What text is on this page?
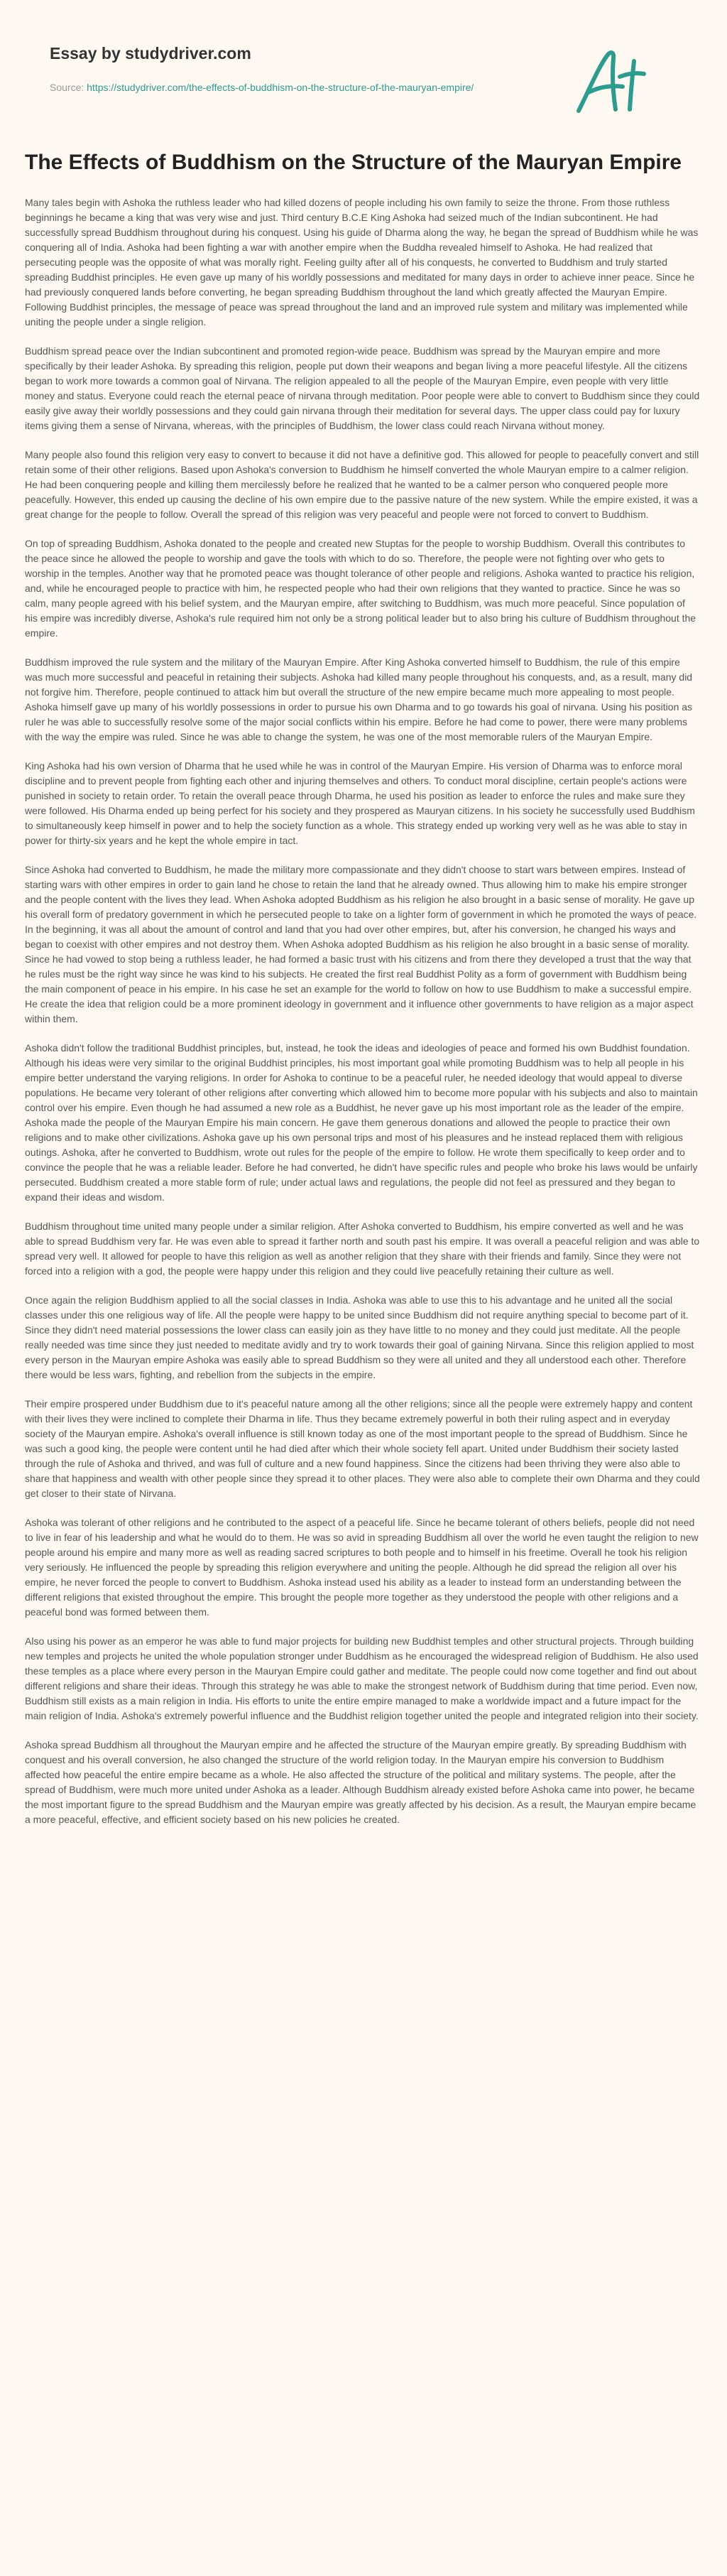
Essay by studydriver.com
Source: https://studydriver.com/the-effects-of-buddhism-on-the-structure-of-the-mauryan-empire/
The Effects of Buddhism on the Structure of the Mauryan Empire

Many tales begin with Ashoka the ruthless leader who had killed dozens of people including his own family to seize the throne. From those ruthless beginnings he became a king that was very wise and just. Third century B.C.E King Ashoka had seized much of the Indian subcontinent. He had successfully spread Buddhism throughout during his conquest. Using his guide of Dharma along the way, he began the spread of Buddhism while he was conquering all of India. Ashoka had been fighting a war with another empire when the Buddha revealed himself to Ashoka. He had realized that persecuting people was the opposite of what was morally right. Feeling guilty after all of his conquests, he converted to Buddhism and truly started spreading Buddhist principles. He even gave up many of his worldly possessions and meditated for many days in order to achieve inner peace. Since he had previously conquered lands before converting, he began spreading Buddhism throughout the land which greatly affected the Mauryan Empire. Following Buddhist principles, the message of peace was spread throughout the land and an improved rule system and military was implemented while uniting the people under a single religion.

Buddhism spread peace over the Indian subcontinent and promoted region-wide peace. Buddhism was spread by the Mauryan empire and more specifically by their leader Ashoka. By spreading this religion, people put down their weapons and began living a more peaceful lifestyle. All the citizens began to work more towards a common goal of Nirvana. The religion appealed to all the people of the Mauryan Empire, even people with very little money and status. Everyone could reach the eternal peace of nirvana through meditation. Poor people were able to convert to Buddhism since they could easily give away their worldly possessions and they could gain nirvana through their meditation for several days. The upper class could pay for luxury items giving them a sense of Nirvana, whereas, with the principles of Buddhism, the lower class could reach Nirvana without money.

Many people also found this religion very easy to convert to because it did not have a definitive god. This allowed for people to peacefully convert and still retain some of their other religions. Based upon Ashoka's conversion to Buddhism he himself converted the whole Mauryan empire to a calmer religion. He had been conquering people and killing them mercilessly before he realized that he wanted to be a calmer person who conquered people more peacefully. However, this ended up causing the decline of his own empire due to the passive nature of the new system. While the empire existed, it was a great change for the people to follow. Overall the spread of this religion was very peaceful and people were not forced to convert to Buddhism.

On top of spreading Buddhism, Ashoka donated to the people and created new Stuptas for the people to worship Buddhism. Overall this contributes to the peace since he allowed the people to worship and gave the tools with which to do so. Therefore, the people were not fighting over who gets to worship in the temples. Another way that he promoted peace was thought tolerance of other people and religions. Ashoka wanted to practice his religion, and, while he encouraged people to practice with him, he respected people who had their own religions that they wanted to practice. Since he was so calm, many people agreed with his belief system, and the Mauryan empire, after switching to Buddhism, was much more peaceful. Since population of his empire was incredibly diverse, Ashoka's rule required him not only be a strong political leader but to also bring his culture of Buddhism throughout the empire.

Buddhism improved the rule system and the military of the Mauryan Empire. After King Ashoka converted himself to Buddhism, the rule of this empire was much more successful and peaceful in retaining their subjects. Ashoka had killed many people throughout his conquests, and, as a result, many did not forgive him. Therefore, people continued to attack him but overall the structure of the new empire became much more appealing to most people. Ashoka himself gave up many of his worldly possessions in order to pursue his own Dharma and to go towards his goal of nirvana. Using his position as ruler he was able to successfully resolve some of the major social conflicts within his empire. Before he had come to power, there were many problems with the way the empire was ruled. Since he was able to change the system, he was one of the most memorable rulers of the Mauryan Empire.

King Ashoka had his own version of Dharma that he used while he was in control of the Mauryan Empire. His version of Dharma was to enforce moral discipline and to prevent people from fighting each other and injuring themselves and others. To conduct moral discipline, certain people's actions were punished in society to retain order. To retain the overall peace through Dharma, he used his position as leader to enforce the rules and make sure they were followed. His Dharma ended up being perfect for his society and they prospered as Mauryan citizens. In his society he successfully used Buddhism to simultaneously keep himself in power and to help the society function as a whole. This strategy ended up working very well as he was able to stay in power for thirty-six years and he kept the whole empire in tact.

Since Ashoka had converted to Buddhism, he made the military more compassionate and they didn't choose to start wars between empires. Instead of starting wars with other empires in order to gain land he chose to retain the land that he already owned. Thus allowing him to make his empire stronger and the people content with the lives they lead. When Ashoka adopted Buddhism as his religion he also brought in a basic sense of morality. He gave up his overall form of predatory government in which he persecuted people to take on a lighter form of government in which he promoted the ways of peace. In the beginning, it was all about the amount of control and land that you had over other empires, but, after his conversion, he changed his ways and began to coexist with other empires and not destroy them. When Ashoka adopted Buddhism as his religion he also brought in a basic sense of morality. Since he had vowed to stop being a ruthless leader, he had formed a basic trust with his citizens and from there they developed a trust that the way that he rules must be the right way since he was kind to his subjects. He created the first real Buddhist Polity as a form of government with Buddhism being the main component of peace in his empire. In his case he set an example for the world to follow on how to use Buddhism to make a successful empire. He create the idea that religion could be a more prominent ideology in government and it influence other governments to have religion as a major aspect within them.

Ashoka didn't follow the traditional Buddhist principles, but, instead, he took the ideas and ideologies of peace and formed his own Buddhist foundation. Although his ideas were very similar to the original Buddhist principles, his most important goal while promoting Buddhism was to help all people in his empire better understand the varying religions. In order for Ashoka to continue to be a peaceful ruler, he needed ideology that would appeal to diverse populations. He became very tolerant of other religions after converting which allowed him to become more popular with his subjects and also to maintain control over his empire. Even though he had assumed a new role as a Buddhist, he never gave up his most important role as the leader of the empire. Ashoka made the people of the Mauryan Empire his main concern. He gave them generous donations and allowed the people to practice their own religions and to make other civilizations. Ashoka gave up his own personal trips and most of his pleasures and he instead replaced them with religious outings. Ashoka, after he converted to Buddhism, wrote out rules for the people of the empire to follow. He wrote them specifically to keep order and to convince the people that he was a reliable leader. Before he had converted, he didn't have specific rules and people who broke his laws would be unfairly persecuted. Buddhism created a more stable form of rule; under actual laws and regulations, the people did not feel as pressured and they began to expand their ideas and wisdom.

Buddhism throughout time united many people under a similar religion. After Ashoka converted to Buddhism, his empire converted as well and he was able to spread Buddhism very far. He was even able to spread it farther north and south past his empire. It was overall a peaceful religion and was able to spread very well. It allowed for people to have this religion as well as another religion that they share with their friends and family. Since they were not forced into a religion with a god, the people were happy under this religion and they could live peacefully retaining their culture as well.

Once again the religion Buddhism applied to all the social classes in India. Ashoka was able to use this to his advantage and he united all the social classes under this one religious way of life. All the people were happy to be united since Buddhism did not require anything special to become part of it. Since they didn't need material possessions the lower class can easily join as they have little to no money and they could just meditate. All the people really needed was time since they just needed to meditate avidly and try to work towards their goal of gaining Nirvana. Since this religion applied to most every person in the Mauryan empire Ashoka was easily able to spread Buddhism so they were all united and they all understood each other. Therefore there would be less wars, fighting, and rebellion from the subjects in the empire.

Their empire prospered under Buddhism due to it's peaceful nature among all the other religions; since all the people were extremely happy and content with their lives they were inclined to complete their Dharma in life. Thus they became extremely powerful in both their ruling aspect and in everyday society of the Mauryan empire. Ashoka's overall influence is still known today as one of the most important people to the spread of Buddhism. Since he was such a good king, the people were content until he had died after which their whole society fell apart. United under Buddhism their society lasted through the rule of Ashoka and thrived, and was full of culture and a new found happiness. Since the citizens had been thriving they were also able to share that happiness and wealth with other people since they spread it to other places. They were also able to complete their own Dharma and they could get closer to their state of Nirvana.

Ashoka was tolerant of other religions and he contributed to the aspect of a peaceful life. Since he became tolerant of others beliefs, people did not need to live in fear of his leadership and what he would do to them. He was so avid in spreading Buddhism all over the world he even taught the religion to new people around his empire and many more as well as reading sacred scriptures to both people and to himself in his freetime. Overall he took his religion very seriously. He influenced the people by spreading this religion everywhere and uniting the people. Although he did spread the religion all over his empire, he never forced the people to convert to Buddhism. Ashoka instead used his ability as a leader to instead form an understanding between the different religions that existed throughout the empire. This brought the people more together as they understood the people with other religions and a peaceful bond was formed between them.

Also using his power as an emperor he was able to fund major projects for building new Buddhist temples and other structural projects. Through building new temples and projects he united the whole population stronger under Buddhism as he encouraged the widespread religion of Buddhism. He also used these temples as a place where every person in the Mauryan Empire could gather and meditate. The people could now come together and find out about different religions and share their ideas. Through this strategy he was able to make the strongest network of Buddhism during that time period. Even now, Buddhism still exists as a main religion in India. His efforts to unite the entire empire managed to make a worldwide impact and a future impact for the main religion of India. Ashoka's extremely powerful influence and the Buddhist religion together united the people and integrated religion into their society.

Ashoka spread Buddhism all throughout the Mauryan empire and he affected the structure of the Mauryan empire greatly. By spreading Buddhism with conquest and his overall conversion, he also changed the structure of the world religion today. In the Mauryan empire his conversion to Buddhism affected how peaceful the entire empire became as a whole. He also affected the structure of the political and military systems. The people, after the spread of Buddhism, were much more united under Ashoka as a leader. Although Buddhism already existed before Ashoka came into power, he became the most important figure to the spread Buddhism and the Mauryan empire was greatly affected by his decision. As a result, the Mauryan empire became a more peaceful, effective, and efficient society based on his new policies he created.
